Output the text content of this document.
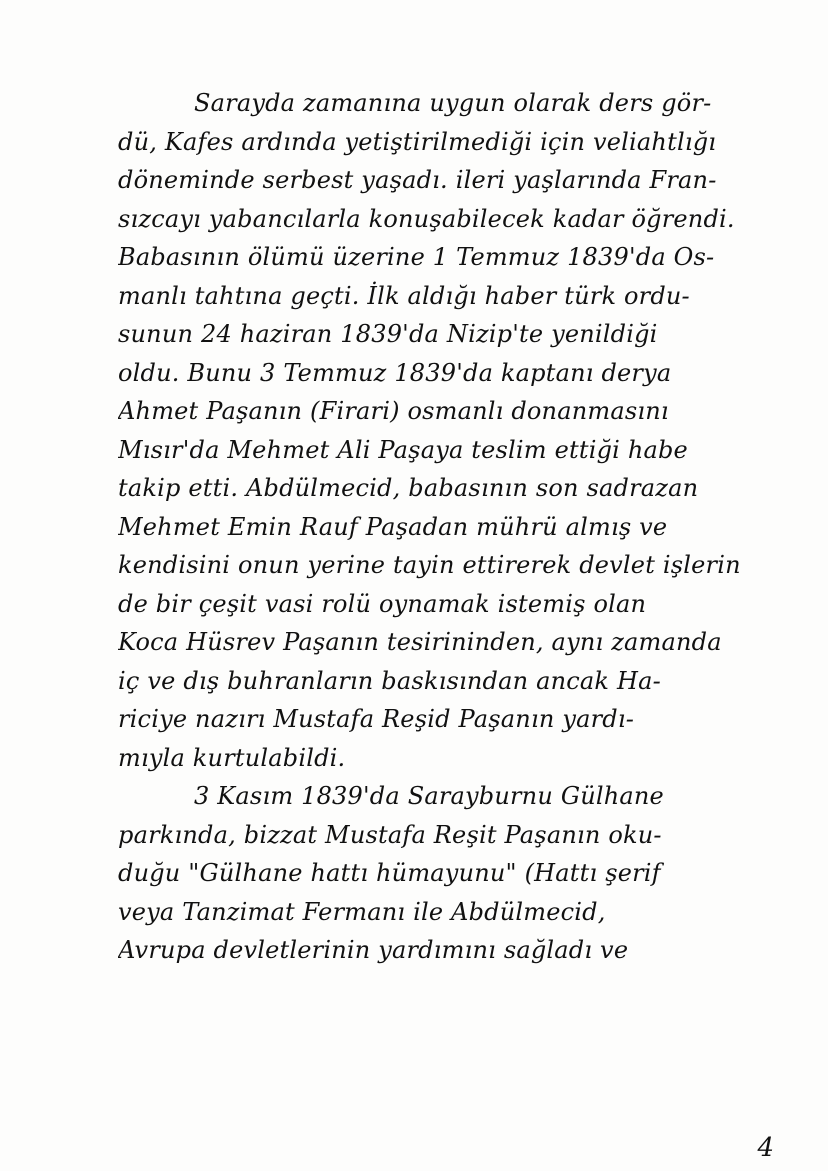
Sarayda zamanına uygun olarak ders gör-
dü, Kafes ardında yetiştirilmediği için veliahtlığı
döneminde serbest yaşadı. ileri yaşlarında Fran-
sızcayı yabancılarla konuşabilecek kadar öğrendi.
Babasının ölümü üzerine 1 Temmuz 1839'da Os-
manlı tahtına geçti. İlk aldığı haber türk ordu-
sunun 24 haziran 1839'da Nizip'te yenildiği
oldu. Bunu 3 Temmuz 1839'da kaptanı derya
Ahmet Paşanın (Firari) osmanlı donanmasını
Mısır'da Mehmet Ali Paşaya teslim ettiği habe
takip etti. Abdülmecid, babasının son sadrazan
Mehmet Emin Rauf Paşadan mührü almış ve
kendisini onun yerine tayin ettirerek devlet işlerin
de bir çeşit vasi rolü oynamak istemiş olan
Koca Hüsrev Paşanın tesirininden, aynı zamanda
iç ve dış buhranların baskısından ancak Ha-
riciye nazırı Mustafa Reşid Paşanın yardı-
mıyla kurtulabildi.
3 Kasım 1839'da Sarayburnu Gülhane
parkında, bizzat Mustafa Reşit Paşanın oku-
duğu "Gülhane hattı hümayunu" (Hattı şerif
veya Tanzimat Fermanı ile Abdülmecid,
Avrupa devletlerinin yardımını sağladı ve
4
